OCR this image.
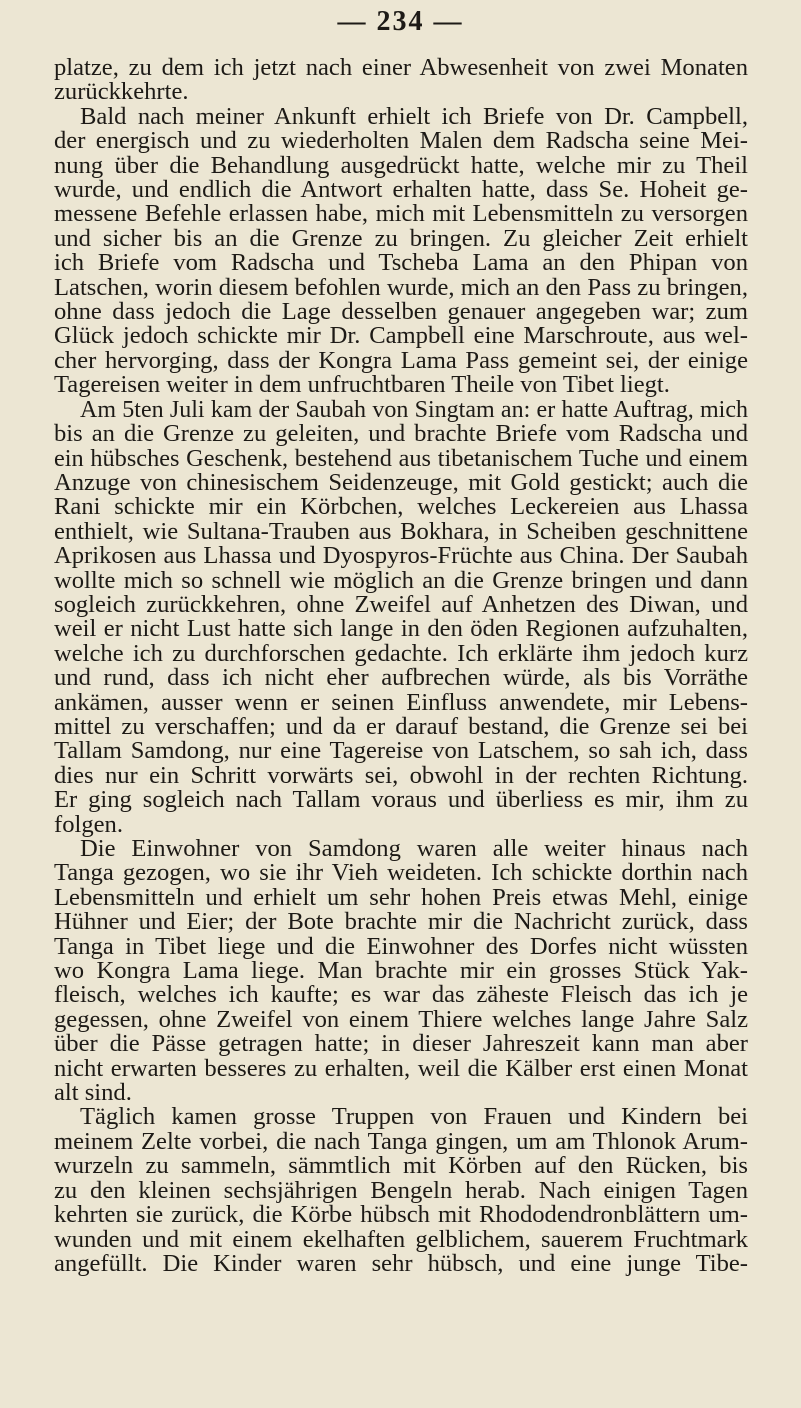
— 234 —
platze, zu dem ich jetzt nach einer Abwesenheit von zwei Monaten
zurückkehrte.
Bald nach meiner Ankunft erhielt ich Briefe von Dr. Campbell,
der energisch und zu wiederholten Malen dem Radscha seine Mei-
nung über die Behandlung ausgedrückt hatte, welche mir zu Theil
wurde, und endlich die Antwort erhalten hatte, dass Se. Hoheit ge-
messene Befehle erlassen habe, mich mit Lebensmitteln zu versorgen
und sicher bis an die Grenze zu bringen. Zu gleicher Zeit erhielt
ich Briefe vom Radscha und Tscheba Lama an den Phipan von
Latschen, worin diesem befohlen wurde, mich an den Pass zu bringen,
ohne dass jedoch die Lage desselben genauer angegeben war; zum
Glück jedoch schickte mir Dr. Campbell eine Marschroute, aus wel-
cher hervorging, dass der Kongra Lama Pass gemeint sei, der einige
Tagereisen weiter in dem unfruchtbaren Theile von Tibet liegt.
Am 5ten Juli kam der Saubah von Singtam an: er hatte Auftrag, mich
bis an die Grenze zu geleiten, und brachte Briefe vom Radscha und
ein hübsches Geschenk, bestehend aus tibetanischem Tuche und einem
Anzuge von chinesischem Seidenzeuge, mit Gold gestickt; auch die
Rani schickte mir ein Körbchen, welches Leckereien aus Lhassa
enthielt, wie Sultana-Trauben aus Bokhara, in Scheiben geschnittene
Aprikosen aus Lhassa und Dyospyros-Früchte aus China. Der Saubah
wollte mich so schnell wie möglich an die Grenze bringen und dann
sogleich zurückkehren, ohne Zweifel auf Anhetzen des Diwan, und
weil er nicht Lust hatte sich lange in den öden Regionen aufzuhalten,
welche ich zu durchforschen gedachte. Ich erklärte ihm jedoch kurz
und rund, dass ich nicht eher aufbrechen würde, als bis Vorräthe
ankämen, ausser wenn er seinen Einfluss anwendete, mir Lebens-
mittel zu verschaffen; und da er darauf bestand, die Grenze sei bei
Tallam Samdong, nur eine Tagereise von Latschem, so sah ich, dass
dies nur ein Schritt vorwärts sei, obwohl in der rechten Richtung.
Er ging sogleich nach Tallam voraus und überliess es mir, ihm zu
folgen.
Die Einwohner von Samdong waren alle weiter hinaus nach
Tanga gezogen, wo sie ihr Vieh weideten. Ich schickte dorthin nach
Lebensmitteln und erhielt um sehr hohen Preis etwas Mehl, einige
Hühner und Eier; der Bote brachte mir die Nachricht zurück, dass
Tanga in Tibet liege und die Einwohner des Dorfes nicht wüssten
wo Kongra Lama liege. Man brachte mir ein grosses Stück Yak-
fleisch, welches ich kaufte; es war das zäheste Fleisch das ich je
gegessen, ohne Zweifel von einem Thiere welches lange Jahre Salz
über die Pässe getragen hatte; in dieser Jahreszeit kann man aber
nicht erwarten besseres zu erhalten, weil die Kälber erst einen Monat
alt sind.
Täglich kamen grosse Truppen von Frauen und Kindern bei
meinem Zelte vorbei, die nach Tanga gingen, um am Thlonok Arum-
wurzeln zu sammeln, sämmtlich mit Körben auf den Rücken, bis
zu den kleinen sechsjährigen Bengeln herab. Nach einigen Tagen
kehrten sie zurück, die Körbe hübsch mit Rhododendronblättern um-
wunden und mit einem ekelhaften gelblichem, sauerem Fruchtmark
angefüllt. Die Kinder waren sehr hübsch, und eine junge Tibe-
